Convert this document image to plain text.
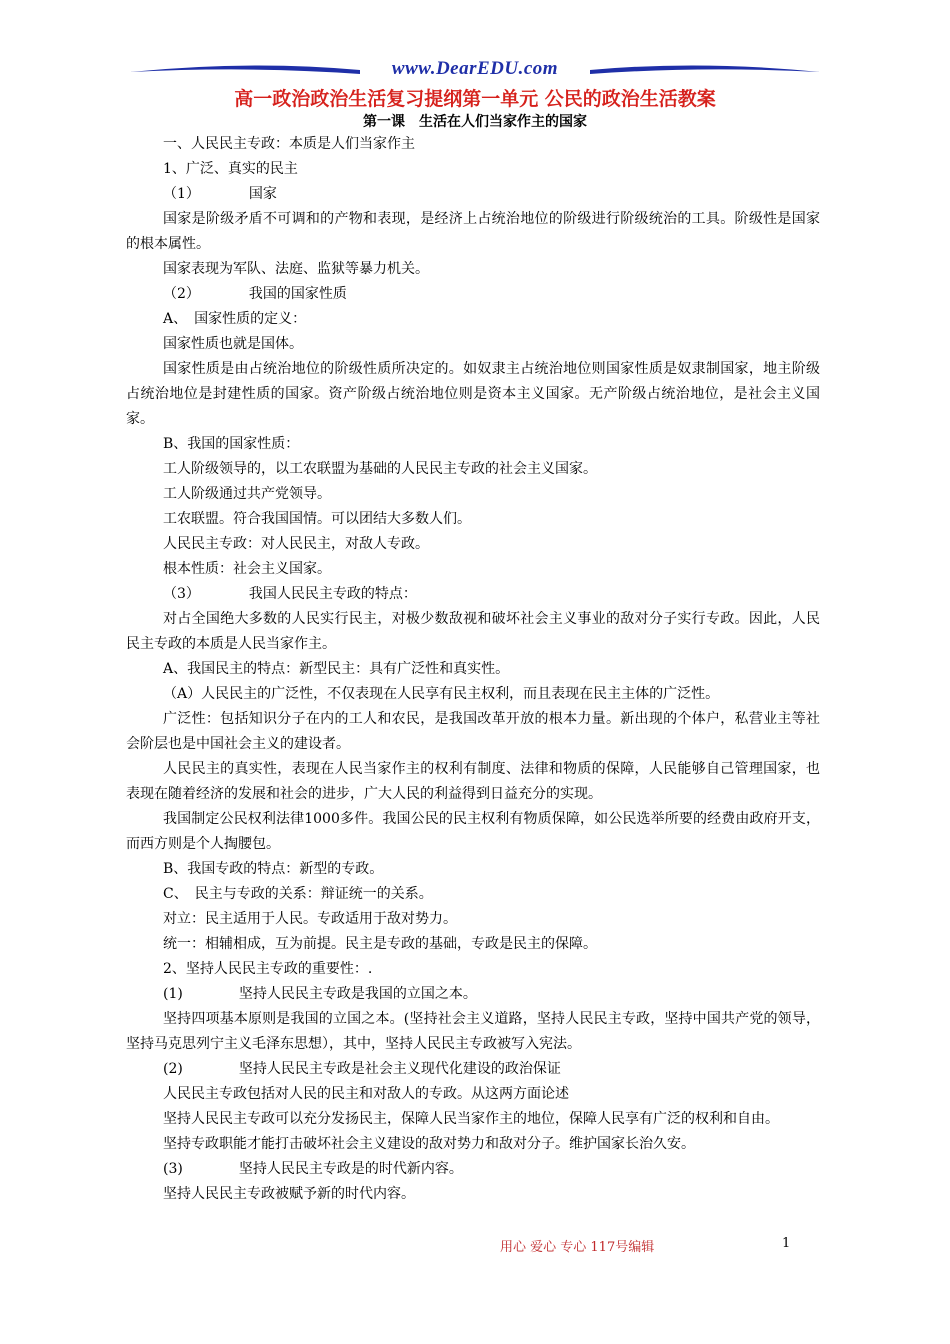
www.DearEDU.com
高一政治政治生活复习提纲第一单元 公民的政治生活教案
第一课　生活在人们当家作主的国家

一、人民民主专政：本质是人们当家作主

1、广泛、真实的民主

（1）　　　　国家

国家是阶级矛盾不可调和的产物和表现，是经济上占统治地位的阶级进行阶级统治的工具。阶级性是国家的根本属性。

国家表现为军队、法庭、监狱等暴力机关。

（2）　　　　我国的国家性质

A、　国家性质的定义：

国家性质也就是国体。

国家性质是由占统治地位的阶级性质所决定的。如奴隶主占统治地位则国家性质是奴隶制国家，地主阶级占统治地位是封建性质的国家。资产阶级占统治地位则是资本主义国家。无产阶级占统治地位，是社会主义国家。

B、我国的国家性质：

工人阶级领导的，以工农联盟为基础的人民民主专政的社会主义国家。

工人阶级通过共产党领导。

工农联盟。符合我国国情。可以团结大多数人们。

人民民主专政：对人民民主，对敌人专政。

根本性质：社会主义国家。

（3）　　　　我国人民民主专政的特点：

对占全国绝大多数的人民实行民主，对极少数敌视和破坏社会主义事业的敌对分子实行专政。因此，人民民主专政的本质是人民当家作主。

A、我国民主的特点：新型民主：具有广泛性和真实性。

（A）人民民主的广泛性，不仅表现在人民享有民主权利，而且表现在民主主体的广泛性。

广泛性：包括知识分子在内的工人和农民，是我国改革开放的根本力量。新出现的个体户，私营业主等社会阶层也是中国社会主义的建设者。

人民民主的真实性，表现在人民当家作主的权利有制度、法律和物质的保障，人民能够自己管理国家，也表现在随着经济的发展和社会的进步，广大人民的利益得到日益充分的实现。

我国制定公民权利法律1000多件。我国公民的民主权利有物质保障，如公民选举所要的经费由政府开支，而西方则是个人掏腰包。

B、我国专政的特点：新型的专政。

C、　民主与专政的关系：辩证统一的关系。

对立：民主适用于人民。专政适用于敌对势力。

统一：相辅相成，互为前提。民主是专政的基础，专政是民主的保障。

2、坚持人民民主专政的重要性：.

(1)　　　　坚持人民民主专政是我国的立国之本。

坚持四项基本原则是我国的立国之本。(坚持社会主义道路，坚持人民民主专政，坚持中国共产党的领导，坚持马克思列宁主义毛泽东思想），其中，坚持人民民主专政被写入宪法。

(2)　　　　坚持人民民主专政是社会主义现代化建设的政治保证

人民民主专政包括对人民的民主和对敌人的专政。从这两方面论述

坚持人民民主专政可以充分发扬民主，保障人民当家作主的地位，保障人民享有广泛的权利和自由。

坚持专政职能才能打击破坏社会主义建设的敌对势力和敌对分子。维护国家长治久安。

(3)　　　　坚持人民民主专政是的时代新内容。

坚持人民民主专政被赋予新的时代内容。

用心 爱心 专心 117号编辑	1
